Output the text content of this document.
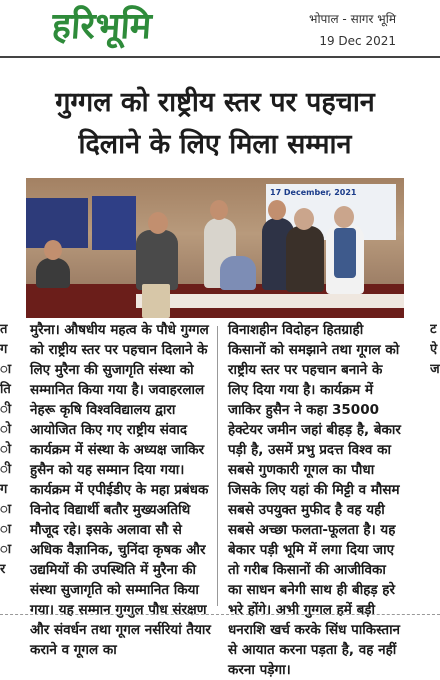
हरिभूमि	भोपाल - सागर भूमि
19 Dec 2021
गुग्गल को राष्ट्रीय स्तर पर पहचान
दिलाने के लिए मिला सम्मान
17 December, 2021
त ग ा ति ी ो ो ी ग ा ा ा र

मुरैना। औषधीय महत्व के पौधे गुग्गल को राष्ट्रीय स्तर पर पहचान दिलाने के लिए मुरैना की सुजागृति संस्था को सम्मानित किया गया है। जवाहरलाल नेहरू कृषि विश्वविद्यालय द्वारा आयोजित किए गए राष्ट्रीय संवाद कार्यक्रम में संस्था के अध्यक्ष जाकिर हुसैन को यह सम्मान दिया गया। कार्यक्रम में एपीईडीए के महा प्रबंधक विनोद विद्यार्थी बतौर मुख्यअतिथि मौजूद रहे। इसके अलावा सौ से अधिक वैज्ञानिक, चुनिंदा कृषक और उद्यमियों की उपस्थिति में मुरैना की संस्था सुजागृति को सम्मानित किया गया। यह सम्मान गुग्गुल पौध संरक्षण और संवर्धन तथा गूगल नर्सरियां तैयार कराने व गूगल का

विनाशहीन विदोहन हितग्राही किसानों को समझाने तथा गूगल को राष्ट्रीय स्तर पर पहचान बनाने के लिए दिया गया है। कार्यक्रम में जाकिर हुसैन ने कहा 35000 हेक्टेयर जमीन जहां बीहड़ है, बेकार पड़ी है, उसमें प्रभु प्रदत्त विश्व का सबसे गुणकारी गूगल का पौधा जिसके लिए यहां की मिट्टी व मौसम सबसे उपयुक्त मुफीद है वह यही सबसे अच्छा फलता-फूलता है। यह बेकार पड़ी भूमि में लगा दिया जाए तो गरीब किसानों की आजीविका का साधन बनेगी साथ ही बीहड़ हरे भरे होंगे। अभी गुग्गल हमें बड़ी धनराशि खर्च करके सिंध पाकिस्तान से आयात करना पड़ता है, वह नहीं करना पड़ेगा।

ट ऐ ज
